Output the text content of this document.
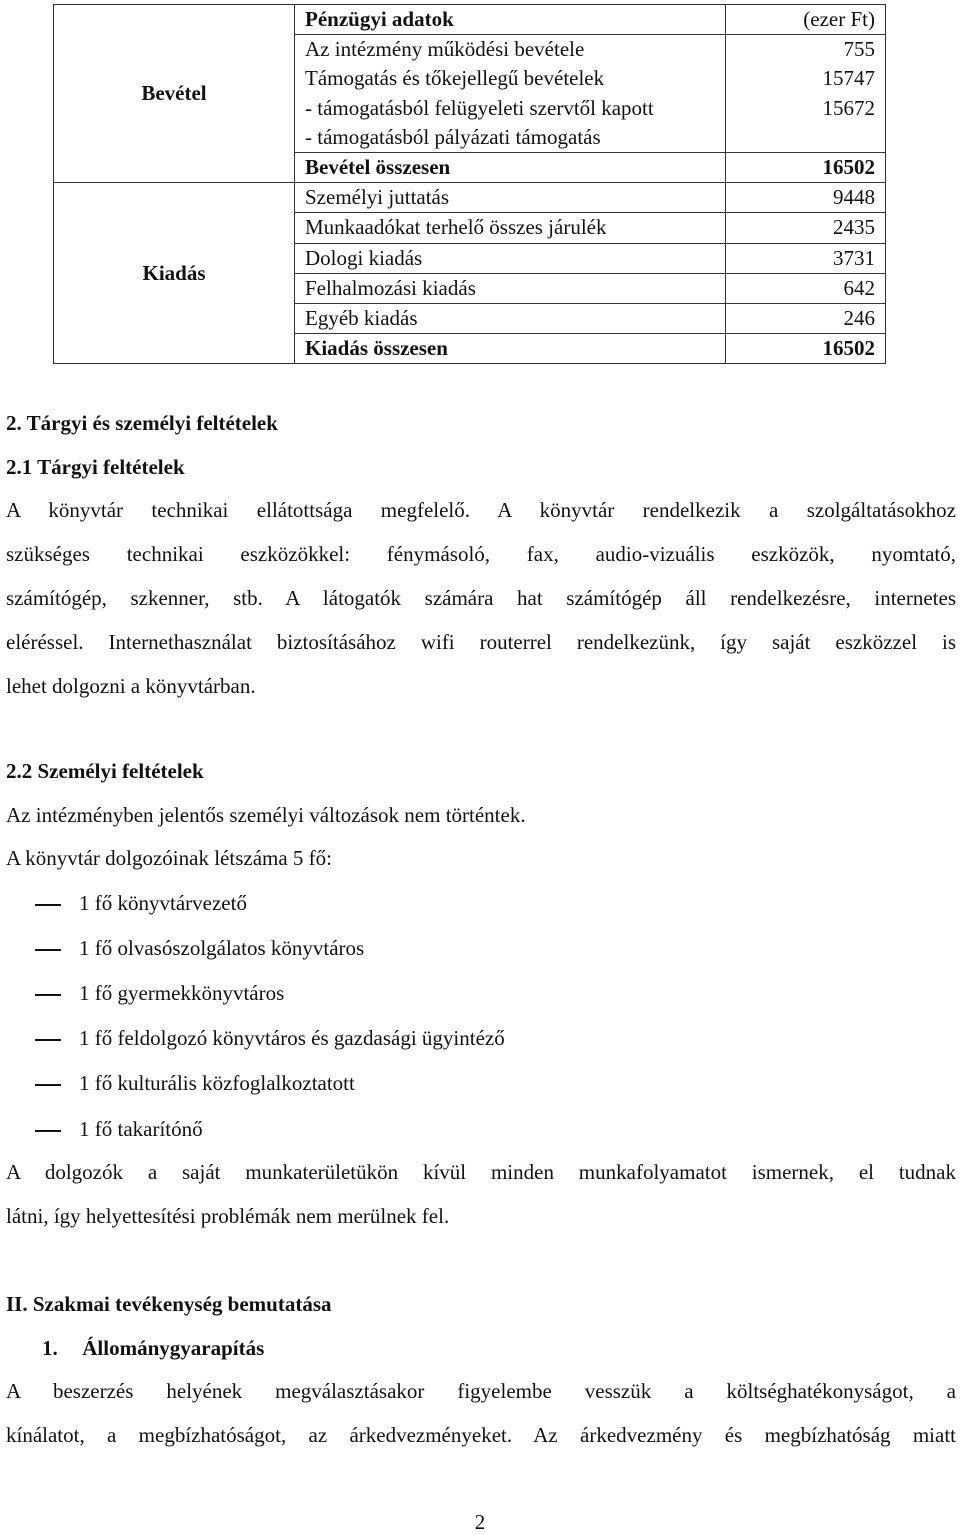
Bevétel	Pénzügyi adatok	(ezer Ft)
	Az intézmény működési bevétele	755
	Támogatás és tőkejellegű bevételek	15747
	- támogatásból felügyeleti szervtől kapott	15672
	- támogatásból pályázati támogatás	
	Bevétel összesen	16502
Kiadás	Személyi juttatás	9448
	Munkaadókat terhelő összes járulék	2435
	Dologi kiadás	3731
	Felhalmozási kiadás	642
	Egyéb kiadás	246
	Kiadás összesen	16502
2. Tárgyi és személyi feltételek
2.1 Tárgyi feltételek
A könyvtár technikai ellátottsága megfelelő. A könyvtár rendelkezik a szolgáltatásokhoz
szükséges technikai eszközökkel: fénymásoló, fax, audio-vizuális eszközök, nyomtató,
számítógép, szkenner, stb. A látogatók számára hat számítógép áll rendelkezésre, internetes
eléréssel. Internethasználat biztosításához wifi routerrel rendelkezünk, így saját eszközzel is
lehet dolgozni a könyvtárban.
2.2 Személyi feltételek
Az intézményben jelentős személyi változások nem történtek.
A könyvtár dolgozóinak létszáma 5 fő:
1 fő könyvtárvezető
1 fő olvasószolgálatos könyvtáros
1 fő gyermekkönyvtáros
1 fő feldolgozó könyvtáros és gazdasági ügyintéző
1 fő kulturális közfoglalkoztatott
1 fő takarítónő
A dolgozók a saját munkaterületükön kívül minden munkafolyamatot ismernek, el tudnak
látni, így helyettesítési problémák nem merülnek fel.
II. Szakmai tevékenység bemutatása
1. Állománygyarapítás
A beszerzés helyének megválasztásakor figyelembe vesszük a költséghatékonyságot, a
kínálatot, a megbízhatóságot, az árkedvezményeket. Az árkedvezmény és megbízhatóság miatt
2
